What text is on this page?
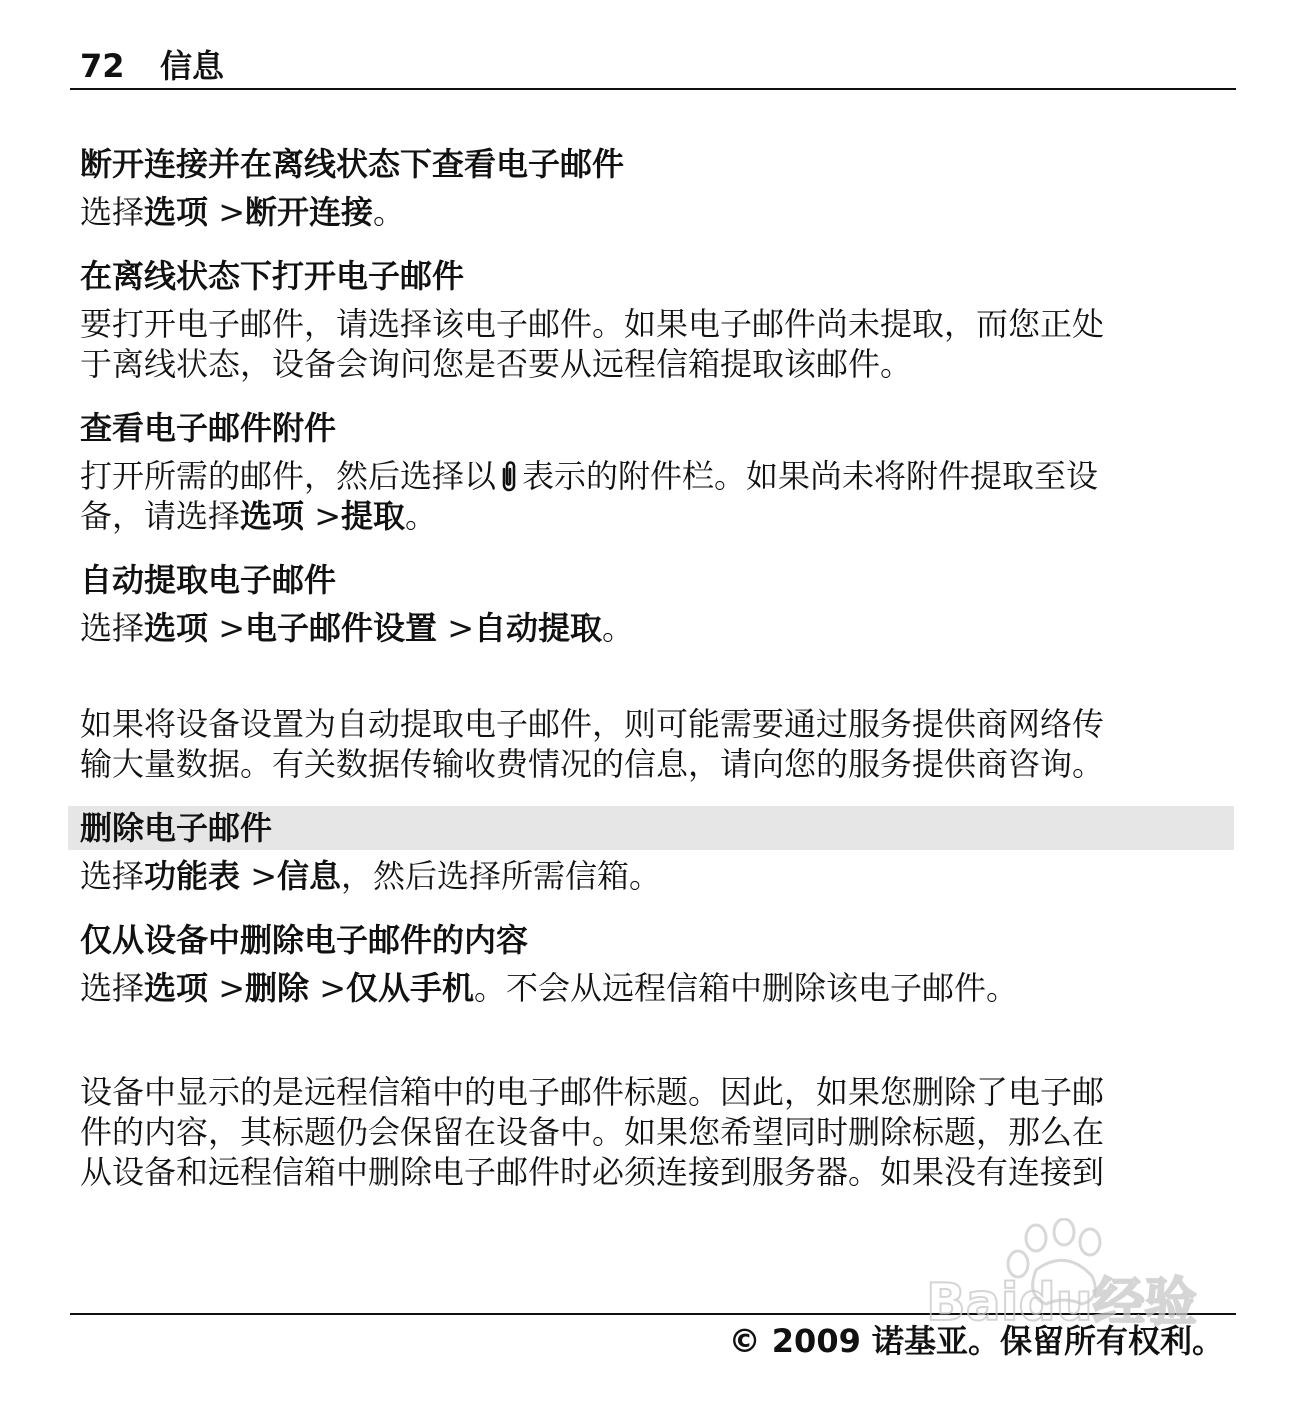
72 信息
断开连接并在离线状态下查看电子邮件

选择选项 >断开连接。

在离线状态下打开电子邮件

要打开电子邮件，请选择该电子邮件。如果电子邮件尚未提取，而您正处

于离线状态，设备会询问您是否要从远程信箱提取该邮件。

查看电子邮件附件

打开所需的邮件，然后选择以 表示的附件栏。如果尚未将附件提取至设

备，请选择选项 >提取。

自动提取电子邮件

选择选项 >电子邮件设置 >自动提取。

如果将设备设置为自动提取电子邮件，则可能需要通过服务提供商网络传

输大量数据。有关数据传输收费情况的信息，请向您的服务提供商咨询。

删除电子邮件

选择功能表 >信息，然后选择所需信箱。

仅从设备中删除电子邮件的内容

选择选项 >删除 >仅从手机。不会从远程信箱中删除该电子邮件。

设备中显示的是远程信箱中的电子邮件标题。因此，如果您删除了电子邮

件的内容，其标题仍会保留在设备中。如果您希望同时删除标题，那么在

从设备和远程信箱中删除电子邮件时必须连接到服务器。如果没有连接到

© 2009 诺基亚。保留所有权利。
Baidu经验
